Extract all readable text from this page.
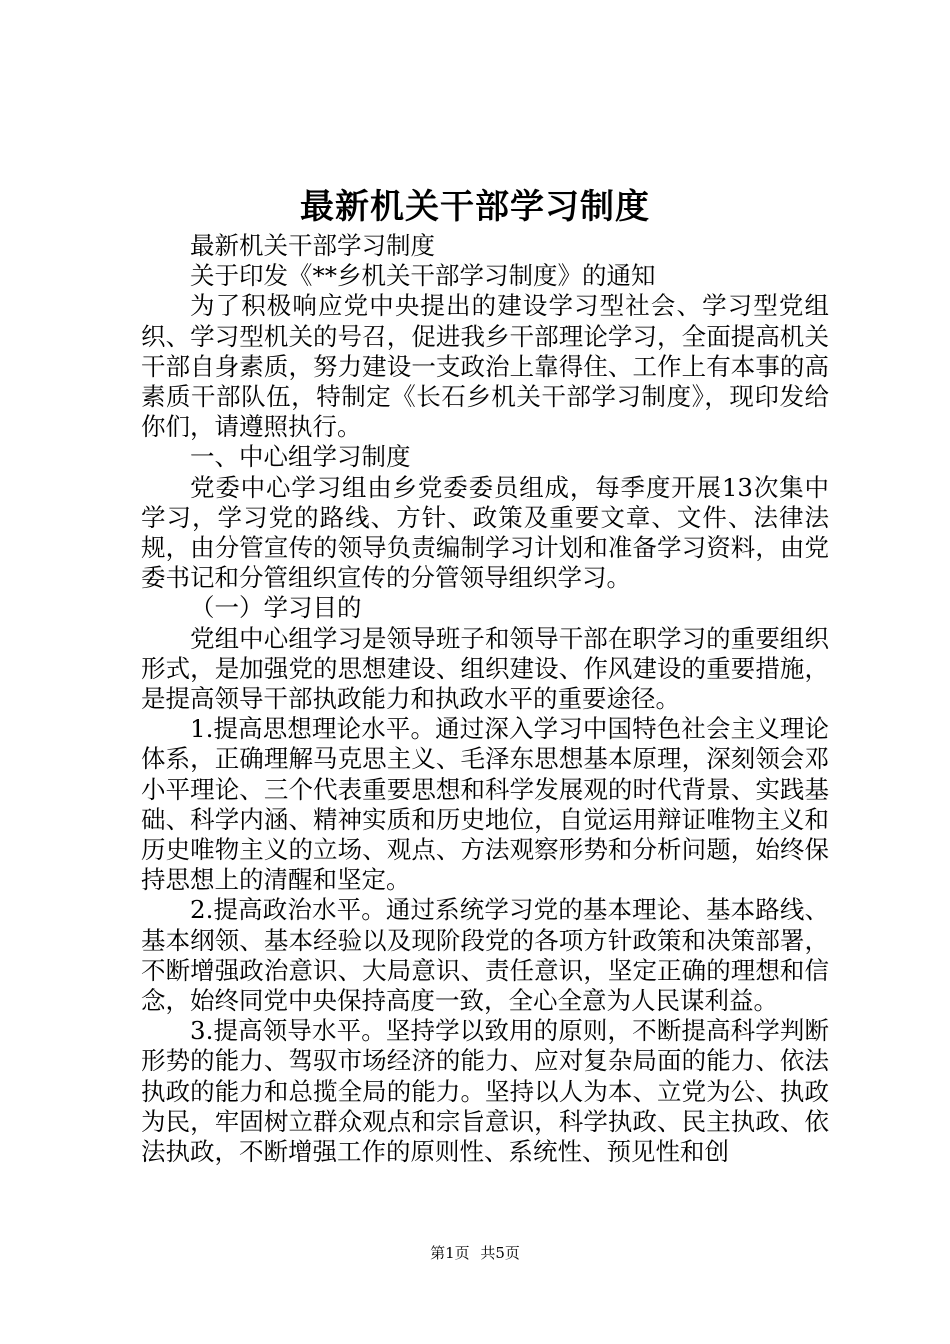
最新机关干部学习制度

最新机关干部学习制度

关于印发《**乡机关干部学习制度》的通知

为了积极响应党中央提出的建设学习型社会、学习型党组织、学习型机关的号召，促进我乡干部理论学习，全面提高机关干部自身素质，努力建设一支政治上靠得住、工作上有本事的高素质干部队伍，特制定《长石乡机关干部学习制度》，现印发给你们，请遵照执行。

一、中心组学习制度

党委中心学习组由乡党委委员组成，每季度开展13次集中学习，学习党的路线、方针、政策及重要文章、文件、法律法规，由分管宣传的领导负责编制学习计划和准备学习资料，由党委书记和分管组织宣传的分管领导组织学习。

（一）学习目的

党组中心组学习是领导班子和领导干部在职学习的重要组织形式，是加强党的思想建设、组织建设、作风建设的重要措施，是提高领导干部执政能力和执政水平的重要途径。

1.提高思想理论水平。通过深入学习中国特色社会主义理论体系，正确理解马克思主义、毛泽东思想基本原理，深刻领会邓小平理论、三个代表重要思想和科学发展观的时代背景、实践基础、科学内涵、精神实质和历史地位，自觉运用辩证唯物主义和历史唯物主义的立场、观点、方法观察形势和分析问题，始终保持思想上的清醒和坚定。

2.提高政治水平。通过系统学习党的基本理论、基本路线、基本纲领、基本经验以及现阶段党的各项方针政策和决策部署，不断增强政治意识、大局意识、责任意识，坚定正确的理想和信念，始终同党中央保持高度一致，全心全意为人民谋利益。

3.提高领导水平。坚持学以致用的原则，不断提高科学判断形势的能力、驾驭市场经济的能力、应对复杂局面的能力、依法执政的能力和总揽全局的能力。坚持以人为本、立党为公、执政为民，牢固树立群众观点和宗旨意识，科学执政、民主执政、依法执政，不断增强工作的原则性、系统性、预见性和创

第1页 共5页
